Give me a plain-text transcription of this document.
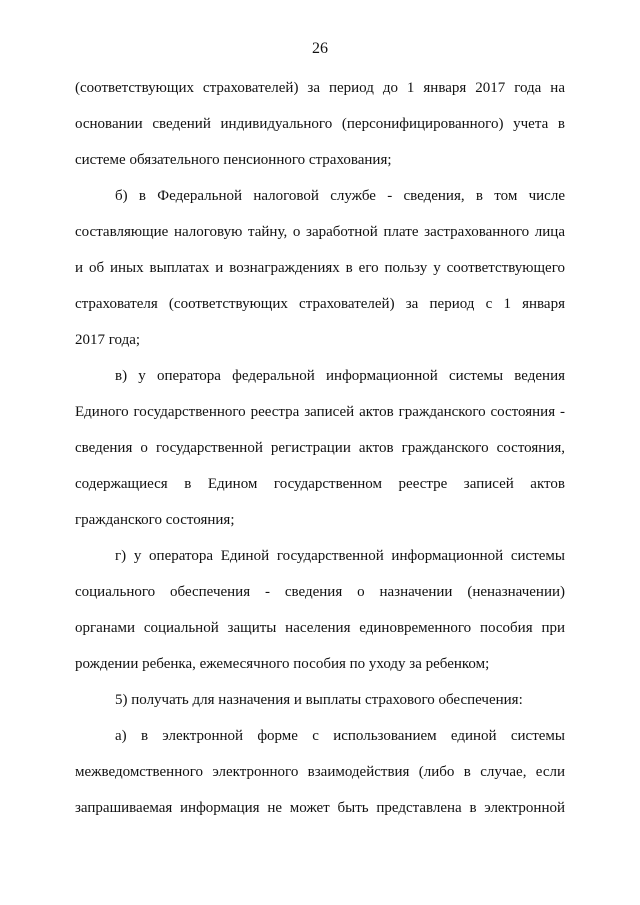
26
(соответствующих страхователей) за период до 1 января 2017 года на
основании сведений индивидуального (персонифицированного) учета в
системе обязательного пенсионного страхования;
б) в Федеральной налоговой службе - сведения, в том числе
составляющие налоговую тайну, о заработной плате застрахованного лица
и об иных выплатах и вознаграждениях в его пользу у соответствующего
страхователя (соответствующих страхователей) за период с 1 января
2017 года;
в) у оператора федеральной информационной системы ведения
Единого государственного реестра записей актов гражданского состояния -
сведения о государственной регистрации актов гражданского состояния,
содержащиеся в Едином государственном реестре записей актов
гражданского состояния;
г) у оператора Единой государственной информационной системы
социального обеспечения - сведения о назначении (неназначении)
органами социальной защиты населения единовременного пособия при
рождении ребенка, ежемесячного пособия по уходу за ребенком;
5) получать для назначения и выплаты страхового обеспечения:
а) в электронной форме с использованием единой системы
межведомственного электронного взаимодействия (либо в случае, если
запрашиваемая информация не может быть представлена в электронной
